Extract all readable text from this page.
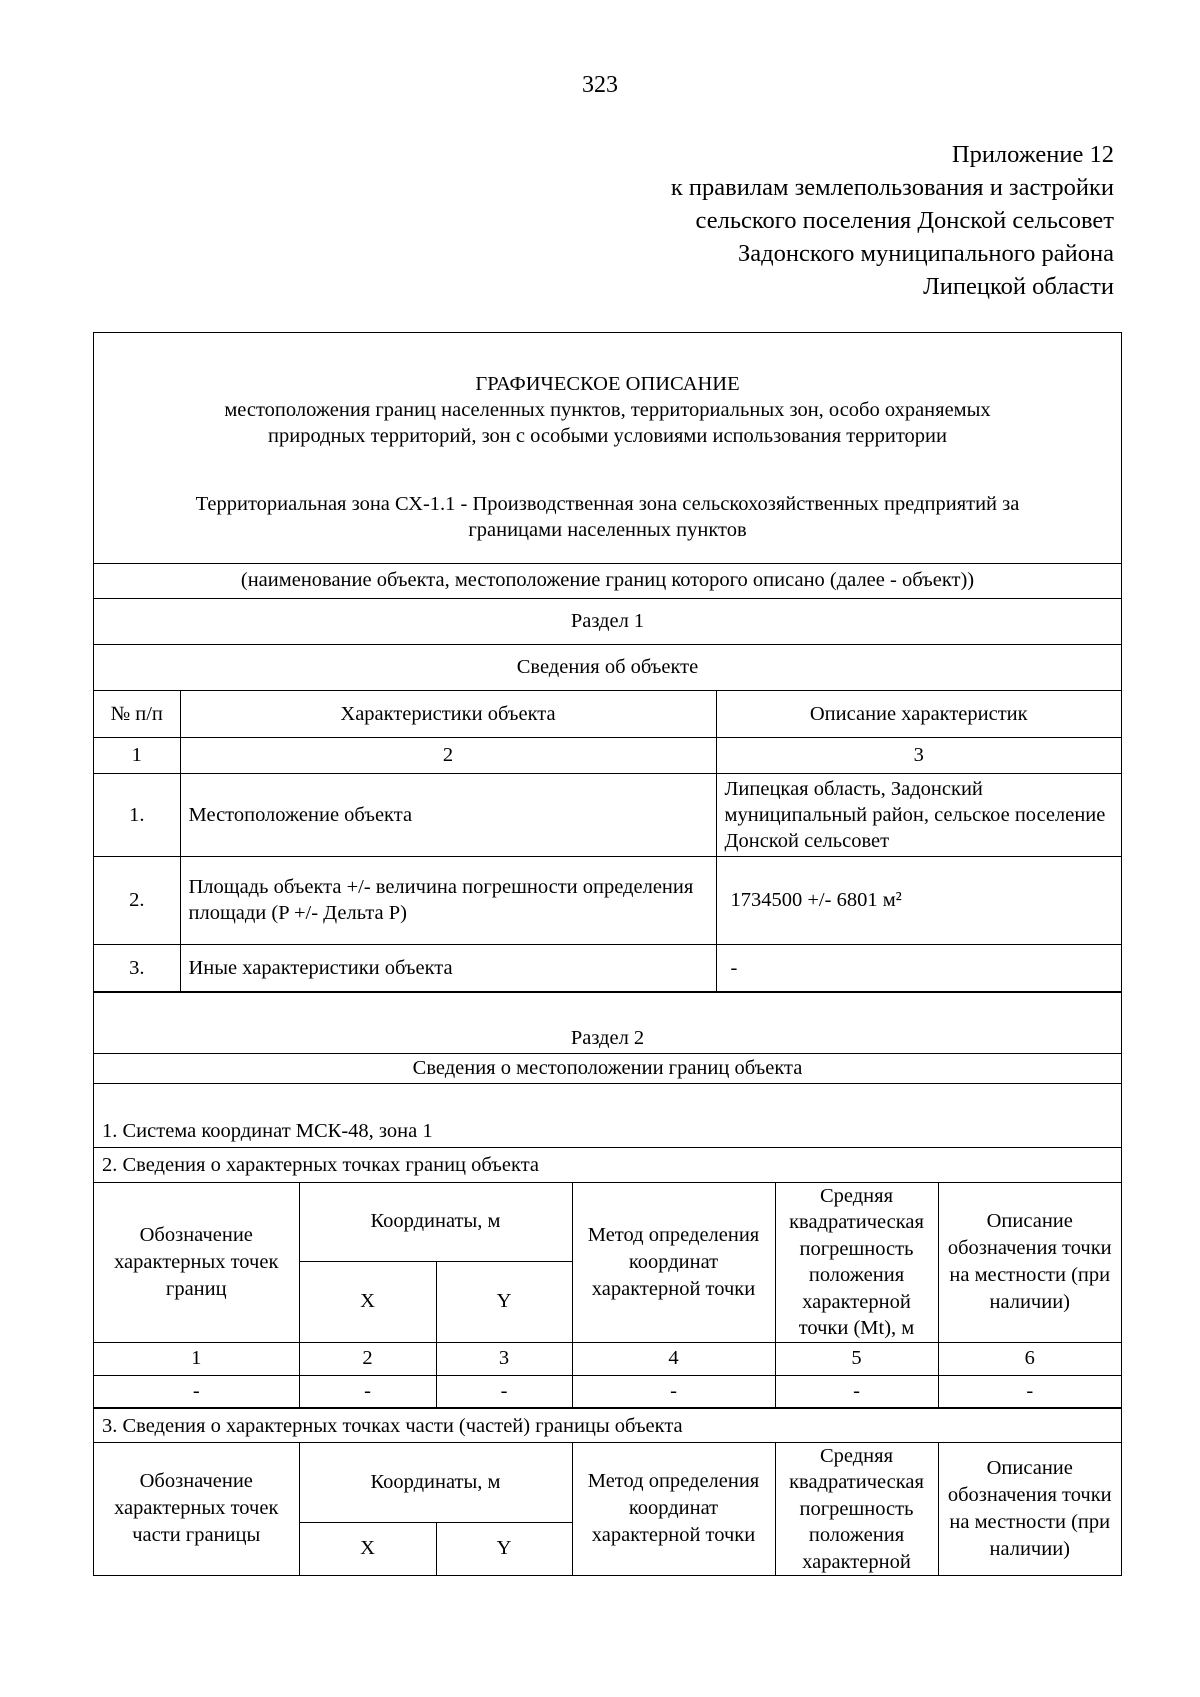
323
Приложение 12
к правилам землепользования и застройки
сельского поселения Донской сельсовет
Задонского муниципального района
Липецкой области
ГРАФИЧЕСКОЕ ОПИСАНИЕ
местоположения границ населенных пунктов, территориальных зон, особо охраняемых
природных территорий, зон с особыми условиями использования территории
Территориальная зона СХ-1.1 - Производственная зона сельскохозяйственных предприятий за
границами населенных пунктов
(наименование объекта, местоположение границ которого описано (далее - объект))
Раздел 1
Сведения об объекте
№ п/п	Характеристики объекта	Описание характеристик
1	2	3
1.	Местоположение объекта	Липецкая область, Задонский муниципальный район, сельское поселение Донской сельсовет
2.	Площадь объекта +/- величина погрешности определения площади (P +/- Дельта P)	1734500 +/- 6801 м²
3.	Иные характеристики объекта	-
Раздел 2
Сведения о местоположении границ объекта
1. Система координат МСК-48, зона 1
2. Сведения о характерных точках границ объекта
Обозначение характерных точек границ	Координаты, м		Метод определения координат характерной точки	Средняя квадратическая погрешность положения характерной точки (Mt), м	Описание обозначения точки на местности (при наличии)
	X	Y			
1	2	3	4	5	6
-	-	-	-	-	-
3. Сведения о характерных точках части (частей) границы объекта
Обозначение характерных точек части границы	Координаты, м		Метод определения координат характерной точки	Средняя квадратическая погрешность положения характерной	Описание обозначения точки на местности (при наличии)
	X	Y			
